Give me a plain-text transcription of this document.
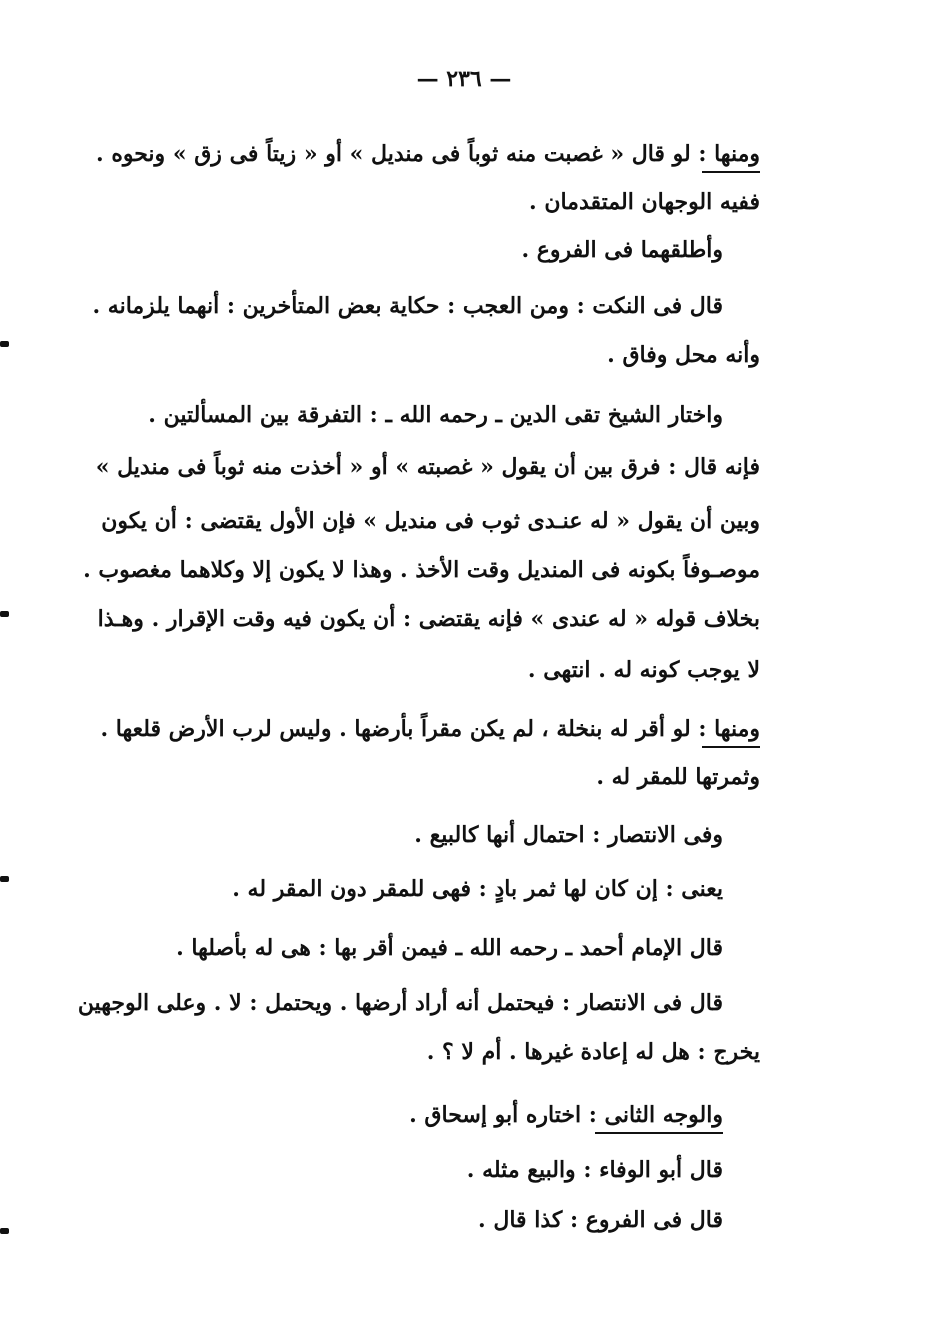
— ٢٣٦ —
ومنها : لو قال « غصبت منه ثوباً فى منديل » أو « زيتاً فى زق » ونحوه .
ففيه الوجهان المتقدمان .
وأطلقهما فى الفروع .
قال فى النكت : ومن العجب : حكاية بعض المتأخرين : أنهما يلزمانه .
وأنه محل وفاق .
واختار الشيخ تقى الدين ـ رحمه الله ـ : التفرقة بين المسألتين .
فإنه قال : فرق بين أن يقول « غصبته » أو « أخذت منه ثوباً فى منديل »
وبين أن يقول « له عنـدى ثوب فى منديل » فإن الأول يقتضى : أن يكون
موصـوفاً بكونه فى المنديل وقت الأخذ . وهذا لا يكون إلا وكلاهما مغصوب .
بخلاف قوله « له عندى » فإنه يقتضى : أن يكون فيه وقت الإقرار . وهـذا
لا يوجب كونه له . انتهى .
ومنها : لو أقر له بنخلة ، لم يكن مقراً بأرضها . وليس لرب الأرض قلعها .
وثمرتها للمقر له .
وفى الانتصار : احتمال أنها كالبيع .
يعنى : إن كان لها ثمر بادٍ : فهى للمقر دون المقر له .
قال الإمام أحمد ـ رحمه الله ـ فيمن أقر بها : هى له بأصلها .
قال فى الانتصار : فيحتمل أنه أراد أرضها . ويحتمل : لا . وعلى الوجهين
يخرج : هل له إعادة غيرها . أم لا ؟ .
والوجه الثانى : اختاره أبو إسحاق .
قال أبو الوفاء : والبيع مثله .
قال فى الفروع : كذا قال .
